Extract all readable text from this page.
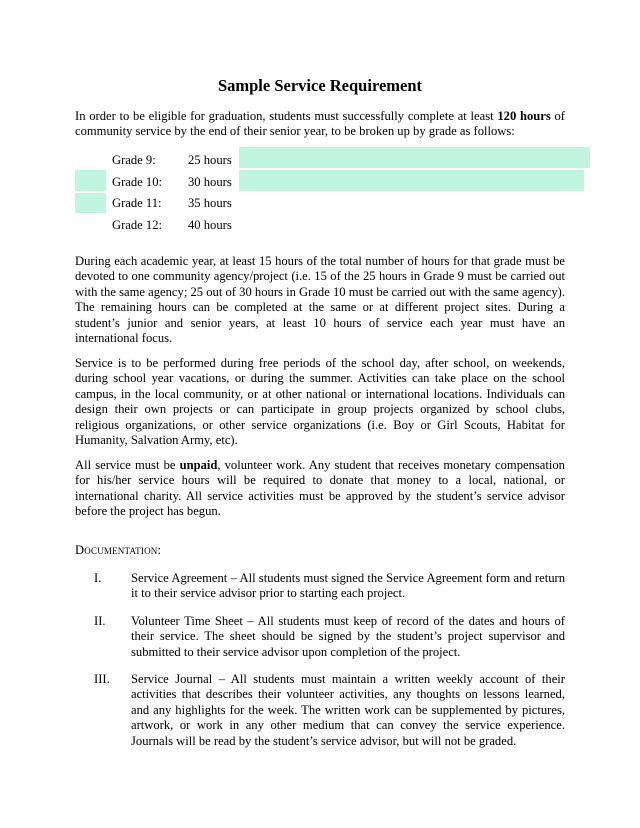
Sample Service Requirement

In order to be eligible for graduation, students must successfully complete at least 120 hours of community service by the end of their senior year, to be broken up by grade as follows:

Grade 9:	25 hours
Grade 10: 30 hours
Grade 11: 35 hours
Grade 12: 40 hours

During each academic year, at least 15 hours of the total number of hours for that grade must be devoted to one community agency/project (i.e. 15 of the 25 hours in Grade 9 must be carried out with the same agency; 25 out of 30 hours in Grade 10 must be carried out with the same agency). The remaining hours can be completed at the same or at different project sites. During a student’s junior and senior years, at least 10 hours of service each year must have an international focus.

Service is to be performed during free periods of the school day, after school, on weekends, during school year vacations, or during the summer. Activities can take place on the school campus, in the local community, or at other national or international locations. Individuals can design their own projects or can participate in group projects organized by school clubs, religious organizations, or other service organizations (i.e. Boy or Girl Scouts, Habitat for Humanity, Salvation Army, etc).

All service must be unpaid, volunteer work. Any student that receives monetary compensation for his/her service hours will be required to donate that money to a local, national, or international charity. All service activities must be approved by the student’s service advisor before the project has begun.

Documentation:
I. Service Agreement – All students must signed the Service Agreement form and return it to their service advisor prior to starting each project.
II. Volunteer Time Sheet – All students must keep of record of the dates and hours of their service. The sheet should be signed by the student’s project supervisor and submitted to their service advisor upon completion of the project.
III. Service Journal – All students must maintain a written weekly account of their activities that describes their volunteer activities, any thoughts on lessons learned, and any highlights for the week. The written work can be supplemented by pictures, artwork, or work in any other medium that can convey the service experience. Journals will be read by the student’s service advisor, but will not be graded.
